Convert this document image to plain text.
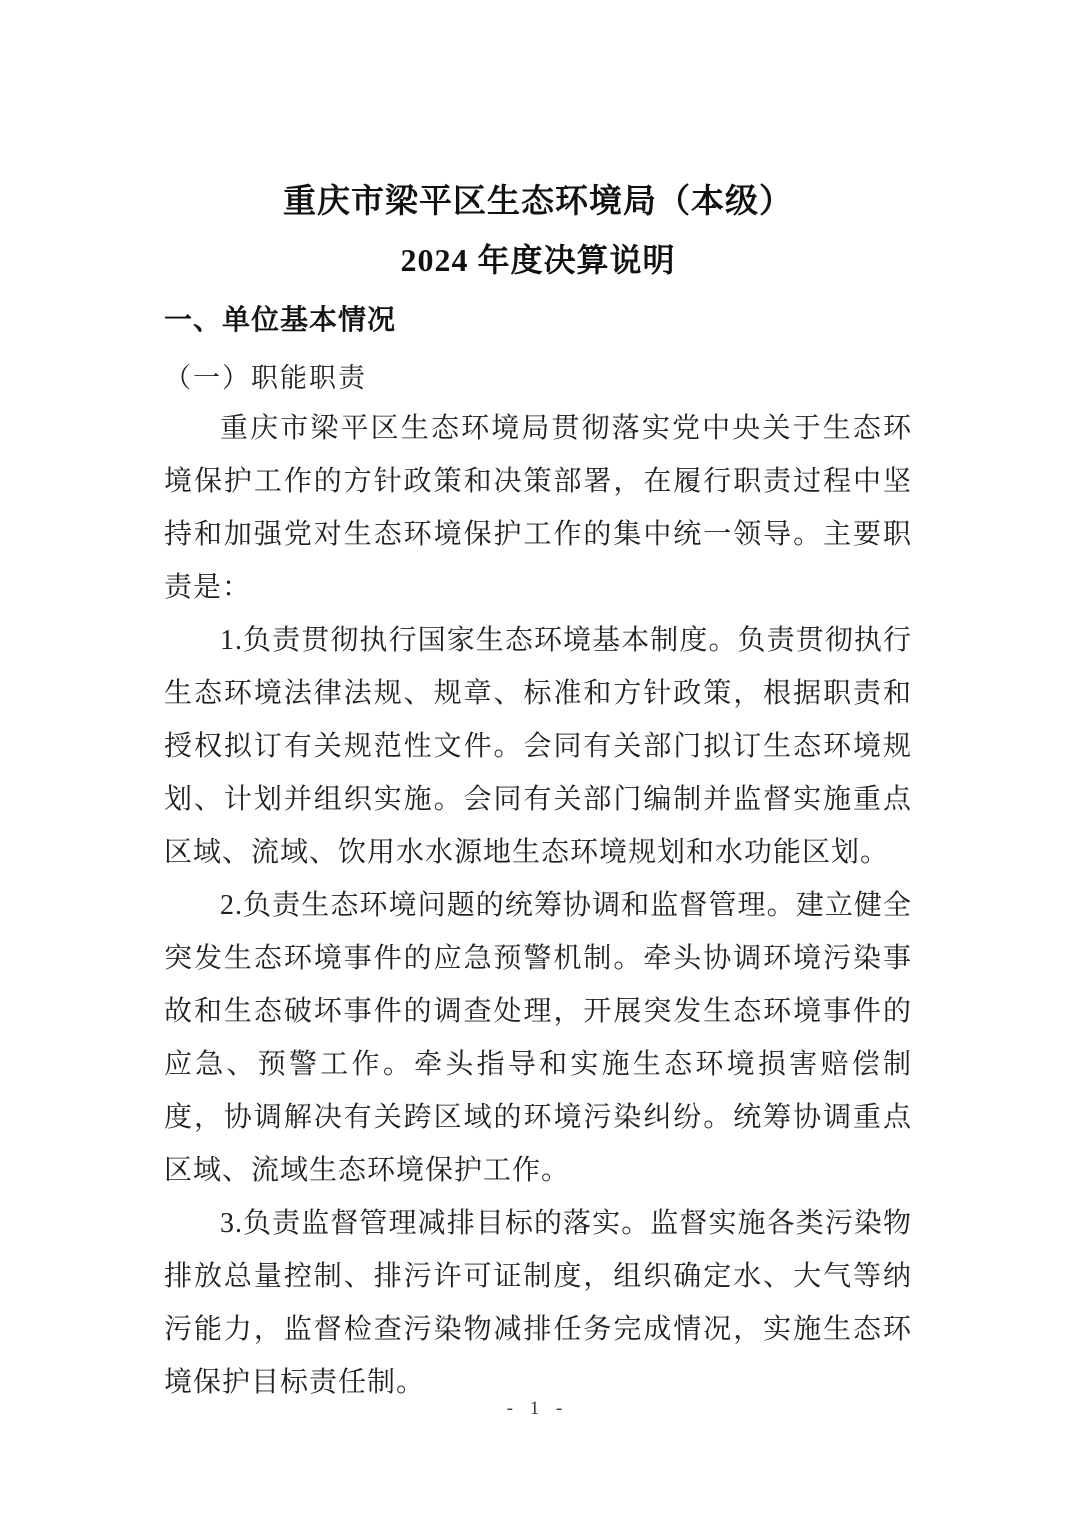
重庆市梁平区生态环境局（本级）
2024 年度决算说明
一、单位基本情况
（一）职能职责

重庆市梁平区生态环境局贯彻落实党中央关于生态环境保护工作的方针政策和决策部署，在履行职责过程中坚持和加强党对生态环境保护工作的集中统一领导。主要职责是：

1.负责贯彻执行国家生态环境基本制度。负责贯彻执行生态环境法律法规、规章、标准和方针政策，根据职责和授权拟订有关规范性文件。会同有关部门拟订生态环境规划、计划并组织实施。会同有关部门编制并监督实施重点区域、流域、饮用水水源地生态环境规划和水功能区划。

2.负责生态环境问题的统筹协调和监督管理。建立健全突发生态环境事件的应急预警机制。牵头协调环境污染事故和生态破坏事件的调查处理，开展突发生态环境事件的应急、预警工作。牵头指导和实施生态环境损害赔偿制度，协调解决有关跨区域的环境污染纠纷。统筹协调重点区域、流域生态环境保护工作。

3.负责监督管理减排目标的落实。监督实施各类污染物排放总量控制、排污许可证制度，组织确定水、大气等纳污能力，监督检查污染物减排任务完成情况，实施生态环境保护目标责任制。

- 1 -
